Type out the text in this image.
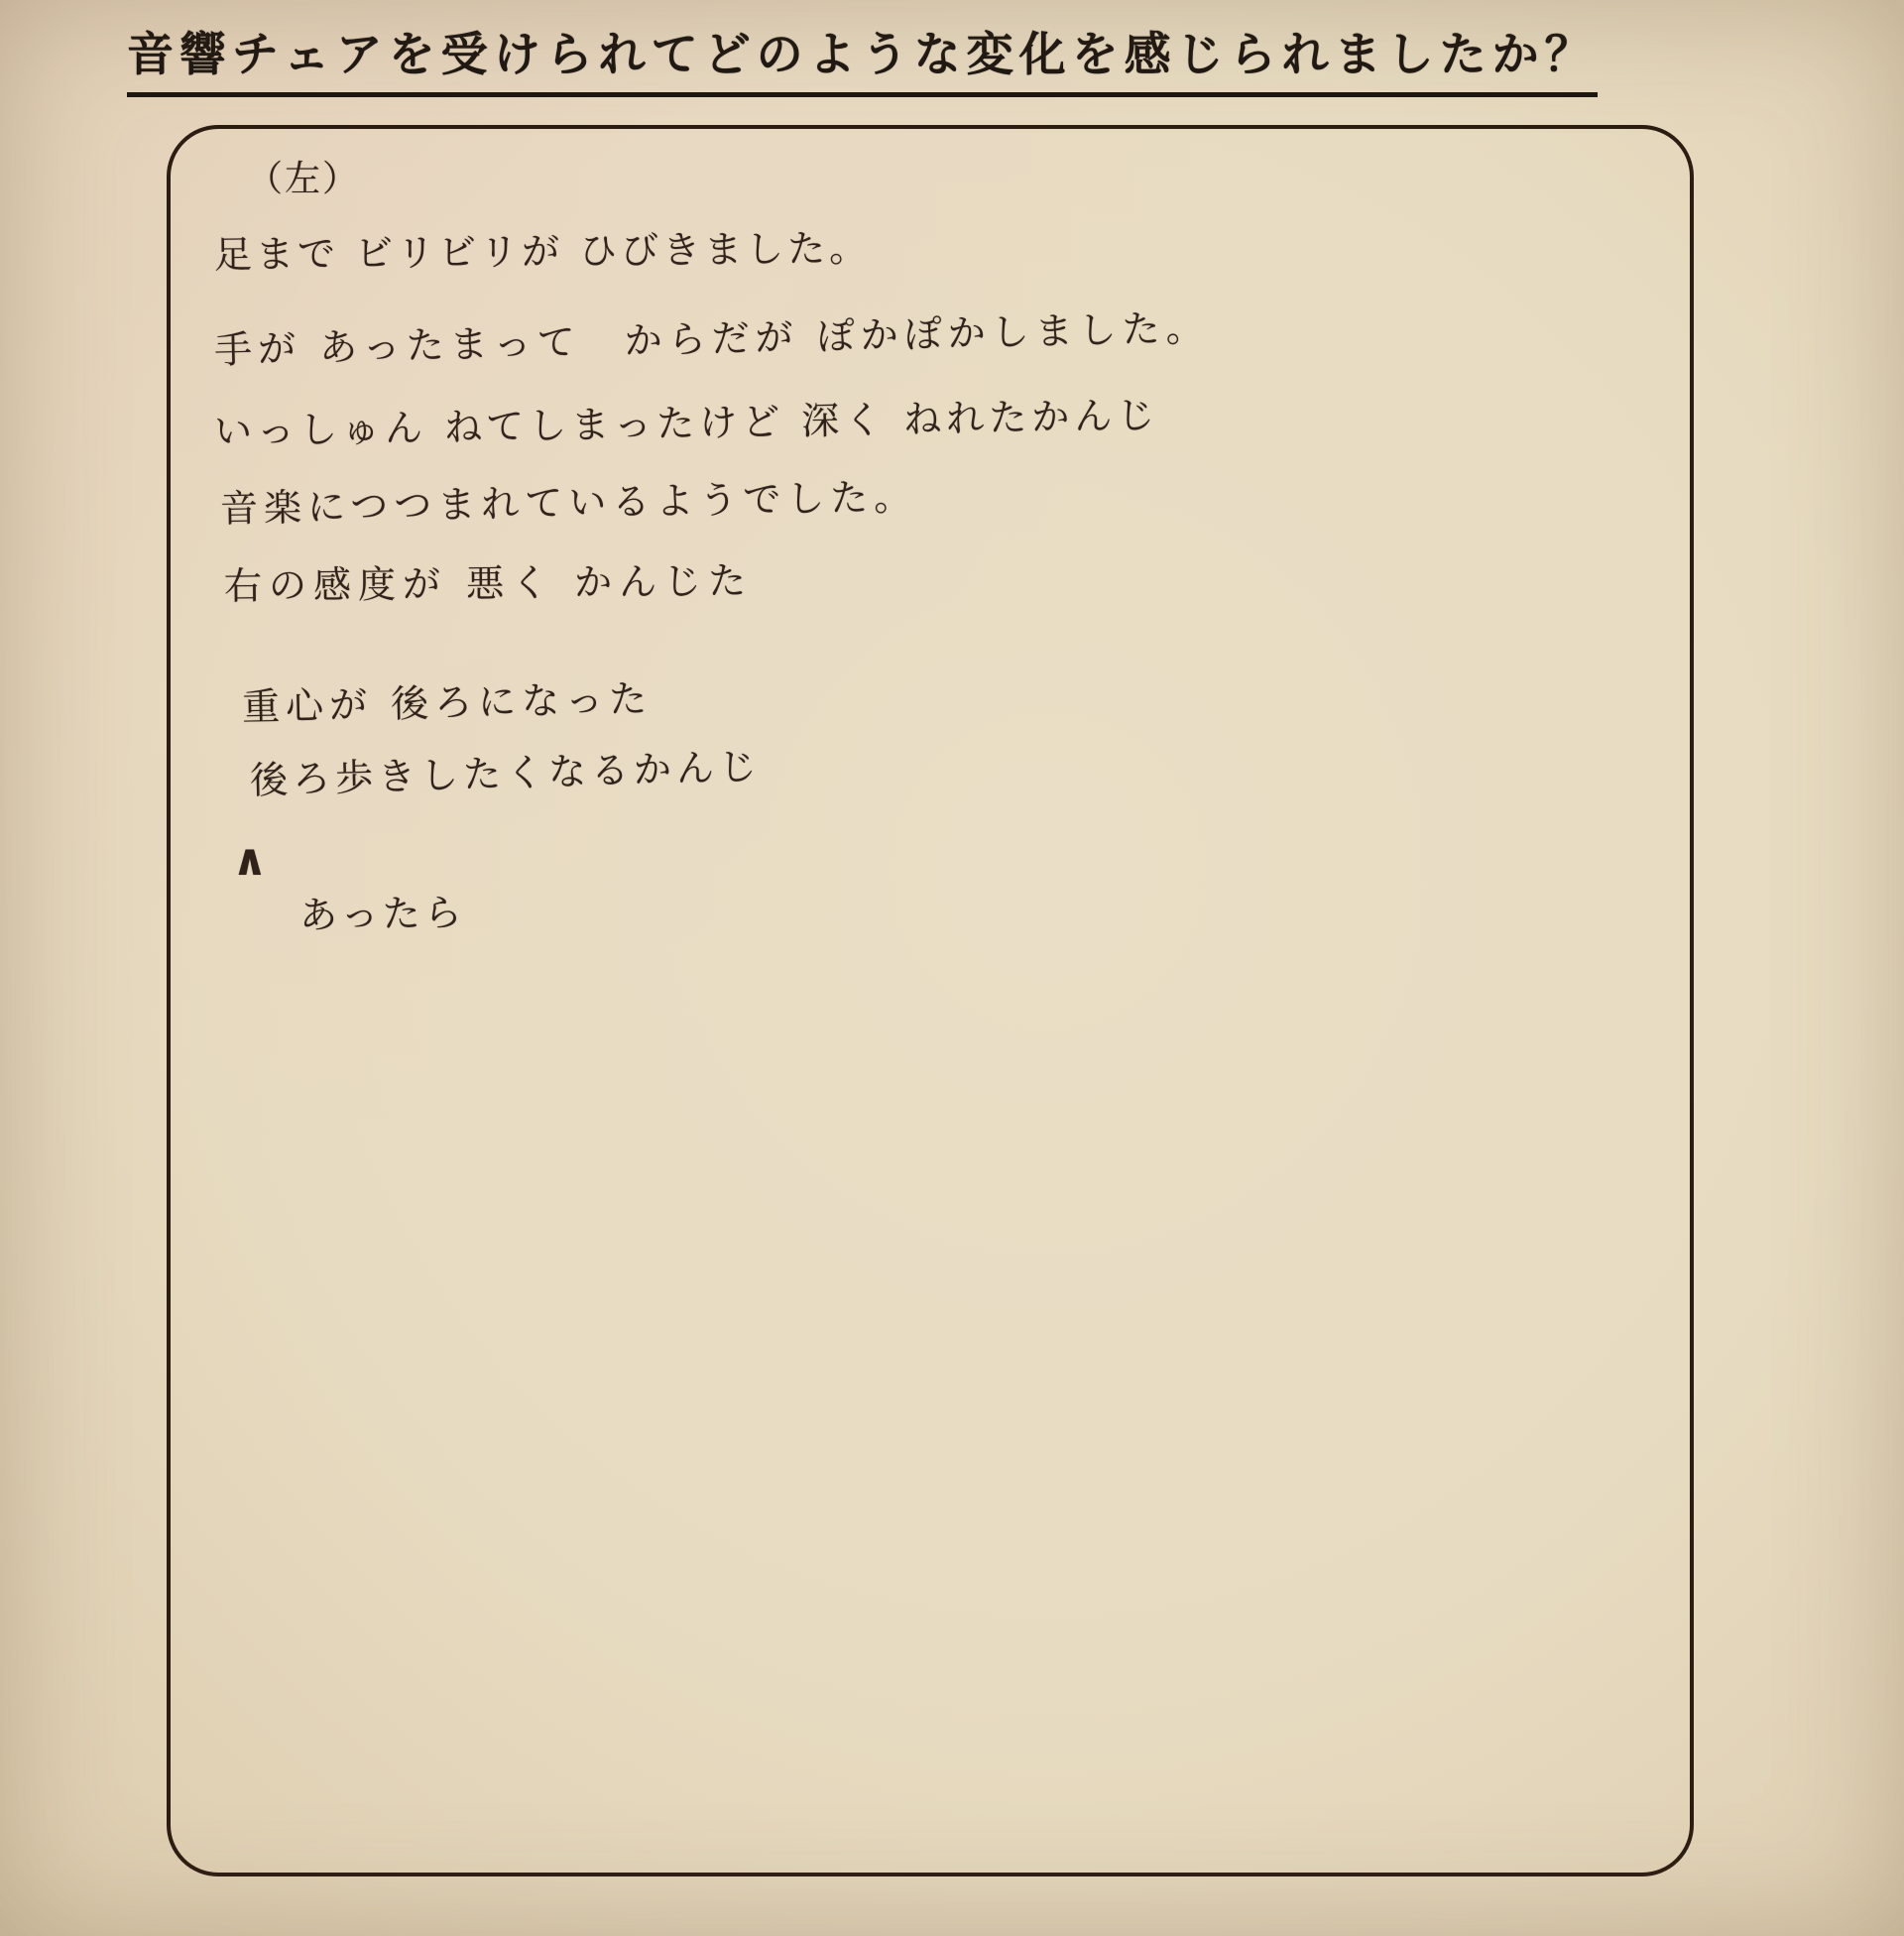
音響チェアを受けられてどのような変化を感じられましたか？
（左）
足まで ビリビリが ひびきました。
手が あったまって　からだが ぽかぽかしました。
いっしゅん ねてしまったけど 深く ねれたかんじ
音楽につつまれているようでした。
右の感度が 悪く かんじた
重心が 後ろになった
後ろ歩きしたくなるかんじ
∧
あったら
